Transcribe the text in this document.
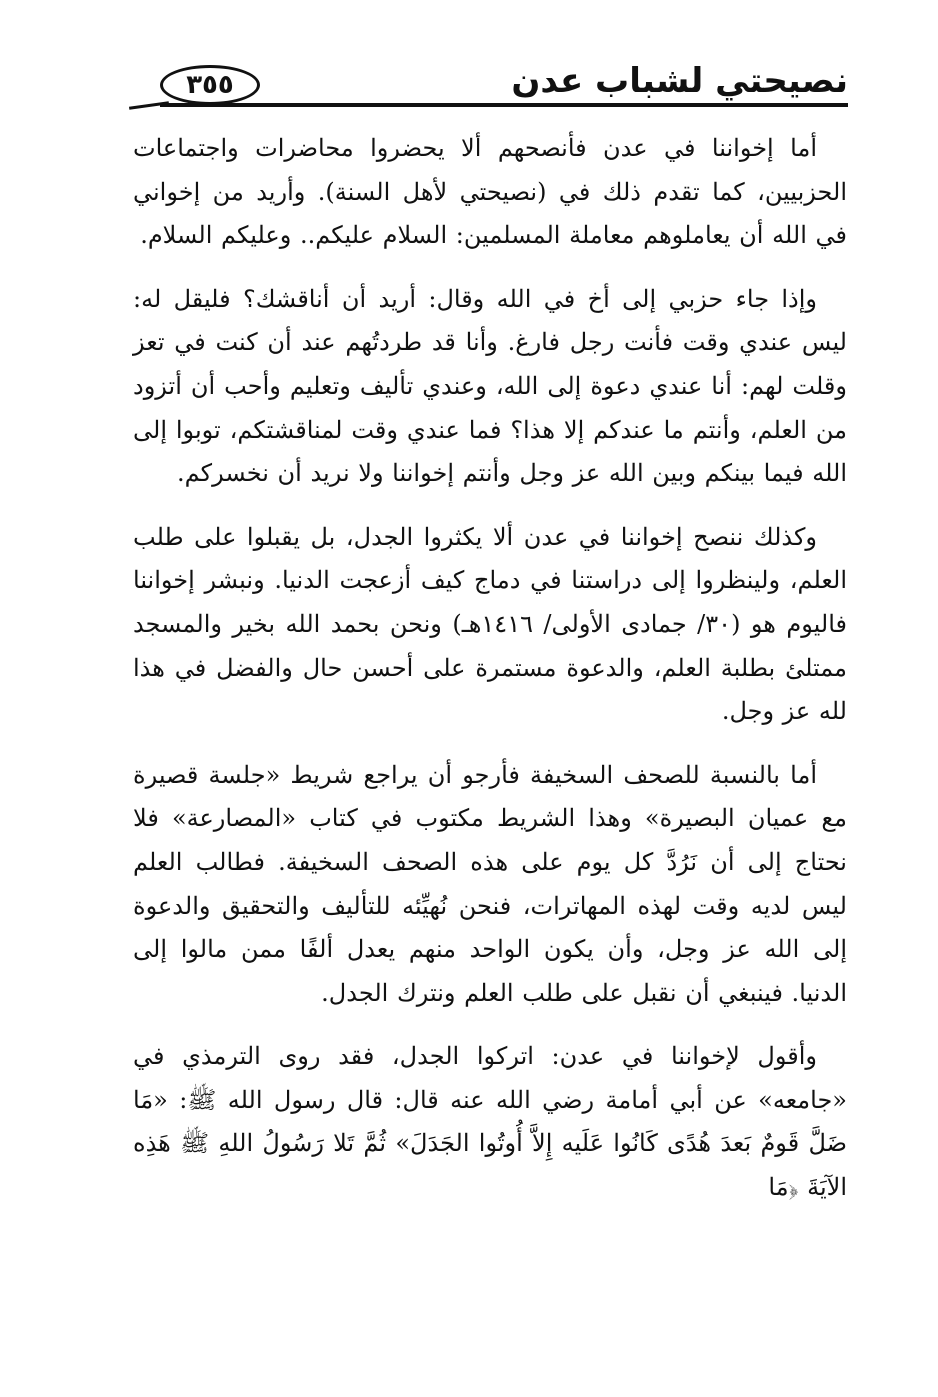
نصيحتي لشباب عدن
٣٥٥

أما إخواننا في عدن فأنصحهم ألا يحضروا محاضرات واجتماعات الحزبيين، كما تقدم ذلك في (نصيحتي لأهل السنة). وأريد من إخواني في الله أن يعاملوهم معاملة المسلمين: السلام عليكم.. وعليكم السلام.

وإذا جاء حزبي إلى أخ في الله وقال: أريد أن أناقشك؟ فليقل له: ليس عندي وقت فأنت رجل فارغ. وأنا قد طردتُهم عند أن كنت في تعز وقلت لهم: أنا عندي دعوة إلى الله، وعندي تأليف وتعليم وأحب أن أتزود من العلم، وأنتم ما عندكم إلا هذا؟ فما عندي وقت لمناقشتكم، توبوا إلى الله فيما بينكم وبين الله عز وجل وأنتم إخواننا ولا نريد أن نخسركم.

وكذلك ننصح إخواننا في عدن ألا يكثروا الجدل، بل يقبلوا على طلب العلم، ولينظروا إلى دراستنا في دماج كيف أزعجت الدنيا. ونبشر إخواننا فاليوم هو (٣٠/ جمادى الأولى/ ١٤١٦هـ) ونحن بحمد الله بخير والمسجد ممتلئ بطلبة العلم، والدعوة مستمرة على أحسن حال والفضل في هذا لله عز وجل.

أما بالنسبة للصحف السخيفة فأرجو أن يراجع شريط «جلسة قصيرة مع عميان البصيرة» وهذا الشريط مكتوب في كتاب «المصارعة» فلا نحتاج إلى أن نَرُدَّ كل يوم على هذه الصحف السخيفة. فطالب العلم ليس لديه وقت لهذه المهاترات، فنحن نُهيِّئه للتأليف والتحقيق والدعوة إلى الله عز وجل، وأن يكون الواحد منهم يعدل ألفًا ممن مالوا إلى الدنيا. فينبغي أن نقبل على طلب العلم ونترك الجدل.

وأقول لإخواننا في عدن: اتركوا الجدل، فقد روى الترمذي في «جامعه» عن أبي أمامة رضي الله عنه قال: قال رسول الله ﷺ: «مَا ضَلَّ قَومٌ بَعدَ هُدًى كَانُوا عَلَيه إِلاَّ أُوتُوا الجَدَلَ» ثُمَّ تَلا رَسُولُ اللهِ ﷺ هَذِه الآيَةَ ﴿مَا
